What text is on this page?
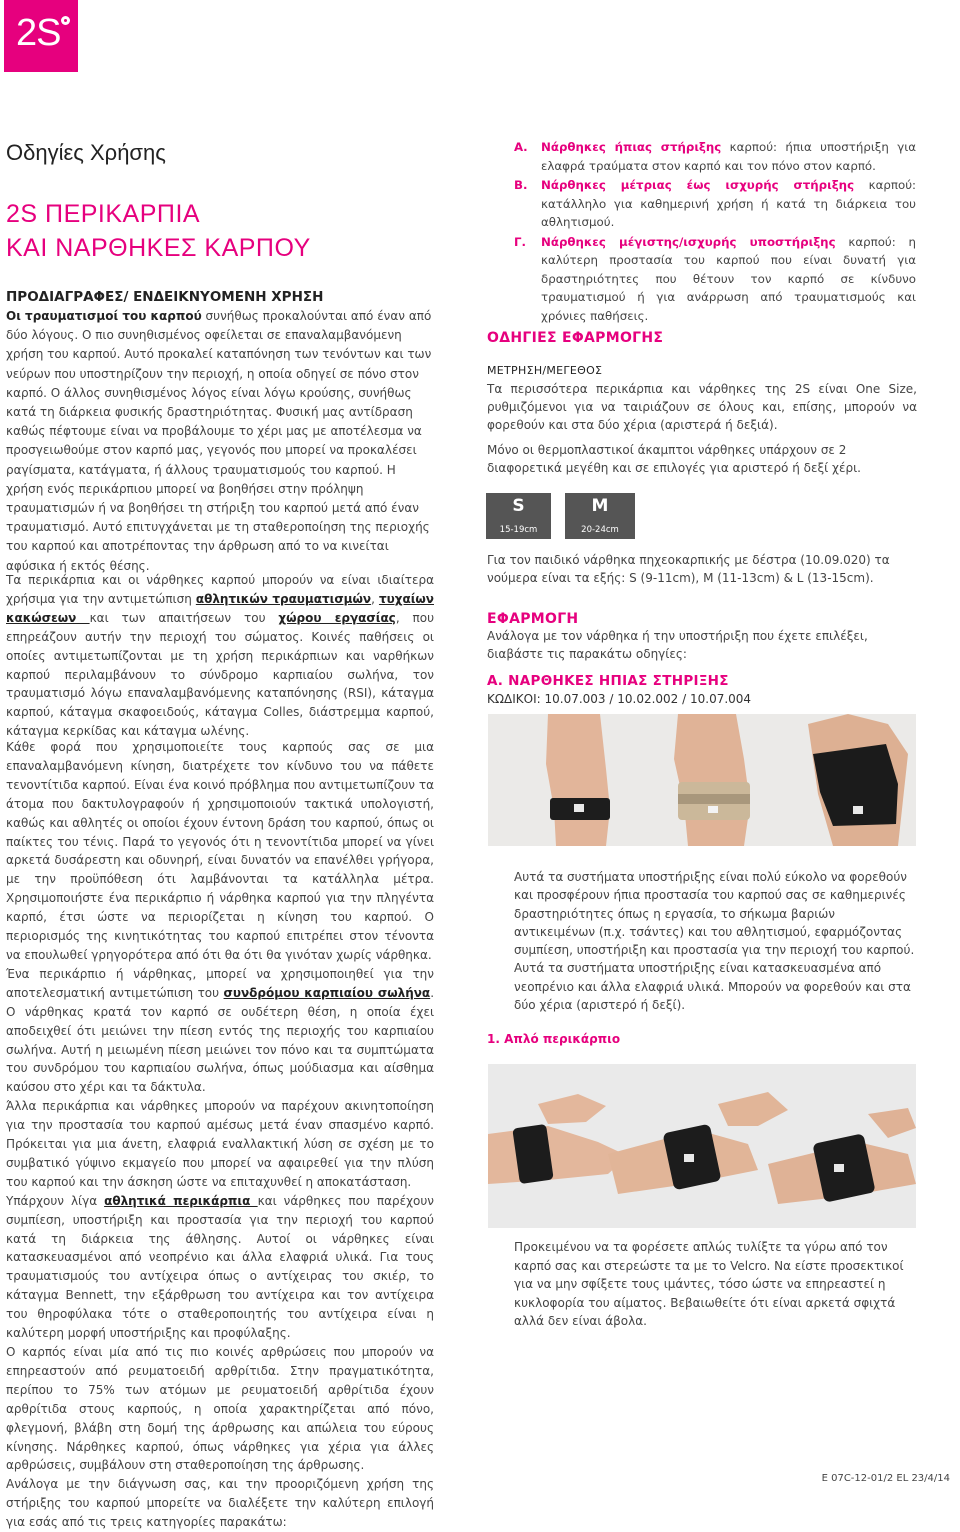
2S
Οδηγίες Χρήσης
2S ΠΕΡΙΚΑΡΠΙΑ
ΚΑΙ ΝΑΡΘΗΚΕΣ ΚΑΡΠΟΥ
ΠΡΟΔΙΑΓΡΑΦΕΣ/ ΕΝΔΕΙΚΝΥΟΜΕΝΗ ΧΡΗΣΗ

Οι τραυματισμοί του καρπού συνήθως προκαλούνται από έναν από δύο λόγους. Ο πιο συνηθισμένος οφείλεται σε επαναλαμβανόμενη χρήση του καρπού. Αυτό προκαλεί καταπόνηση των τενόντων και των νεύρων που υποστηρίζουν την περιοχή, η οποία οδηγεί σε πόνο στον καρπό. Ο άλλος συνηθισμένος λόγος είναι λόγω κρούσης, συνήθως κατά τη διάρκεια φυσικής δραστηριότητας. Φυσική μας αντίδραση καθώς πέφτουμε είναι να προβάλουμε το χέρι μας με αποτέλεσμα να προσγειωθούμε στον καρπό μας, γεγονός που μπορεί να προκαλέσει ραγίσματα, κατάγματα, ή άλλους τραυματισμούς του καρπού. Η χρήση ενός περικάρπιου μπορεί να βοηθήσει στην πρόληψη τραυματισμών ή να βοηθήσει τη στήριξη του καρπού μετά από έναν τραυματισμό. Αυτό επιτυγχάνεται με τη σταθεροποίηση της περιοχής του καρπού και αποτρέποντας την άρθρωση από το να κινείται αφύσικα ή εκτός θέσης.

Τα περικάρπια και οι νάρθηκες καρπού μπορούν να είναι ιδιαίτερα χρήσιμα για την αντιμετώπιση αθλητικών τραυματισμών, τυχαίων κακώσεων και των απαιτήσεων του χώρου εργασίας, που επηρεάζουν αυτήν την περιοχή του σώματος. Κοινές παθήσεις οι οποίες αντιμετωπίζονται με τη χρήση περικάρπιων και ναρθήκων καρπού περιλαμβάνουν το σύνδρομο καρπιαίου σωλήνα, τον τραυματισμό λόγω επαναλαμβανόμενης καταπόνησης (RSI), κάταγμα καρπού, κάταγμα σκαφοειδούς, κάταγμα Colles, διάστρεμμα καρπού, κάταγμα κερκίδας και κάταγμα ωλένης.

Κάθε φορά που χρησιμοποιείτε τους καρπούς σας σε μια επαναλαμβανόμενη κίνηση, διατρέχετε τον κίνδυνο του να πάθετε τενοντίτιδα καρπού. Είναι ένα κοινό πρόβλημα που αντιμετωπίζουν τα άτομα που δακτυλογραφούν ή χρησιμοποιούν τακτικά υπολογιστή, καθώς και αθλητές οι οποίοι έχουν έντονη δράση του καρπού, όπως οι παίκτες του τένις. Παρά το γεγονός ότι η τενοντίτιδα μπορεί να γίνει αρκετά δυσάρεστη και οδυνηρή, είναι δυνατόν να επανέλθει γρήγορα, με την προϋπόθεση ότι λαμβάνονται τα κατάλληλα μέτρα. Χρησιμοποιήστε ένα περικάρπιο ή νάρθηκα καρπού για την πληγέντα καρπό, έτσι ώστε να περιορίζεται η κίνηση του καρπού. Ο περιορισμός της κινητικότητας του καρπού επιτρέπει στον τένοντα να επουλωθεί γρηγορότερα από ότι θα ότι θα γινόταν χωρίς νάρθηκα.

Ένα περικάρπιο ή νάρθηκας, μπορεί να χρησιμοποιηθεί για την αποτελεσματική αντιμετώπιση του συνδρόμου καρπιαίου σωλήνα. Ο νάρθηκας κρατά τον καρπό σε ουδέτερη θέση, η οποία έχει αποδειχθεί ότι μειώνει την πίεση εντός της περιοχής του καρπιαίου σωλήνα. Αυτή η μειωμένη πίεση μειώνει τον πόνο και τα συμπτώματα του συνδρόμου του καρπιαίου σωλήνα, όπως μούδιασμα και αίσθημα καύσου στο χέρι και τα δάκτυλα.

Άλλα περικάρπια και νάρθηκες μπορούν να παρέχουν ακινητοποίηση για την προστασία του καρπού αμέσως μετά έναν σπασμένο καρπό. Πρόκειται για μια άνετη, ελαφριά εναλλακτική λύση σε σχέση με το συμβατικό γύψινο εκμαγείο που μπορεί να αφαιρεθεί για την πλύση του καρπού και την άσκηση ώστε να επιταχυνθεί η αποκατάσταση.

Υπάρχουν λίγα αθλητικά περικάρπια και νάρθηκες που παρέχουν συμπίεση, υποστήριξη και προστασία για την περιοχή του καρπού κατά τη διάρκεια της άθλησης. Αυτοί οι νάρθηκες είναι κατασκευασμένοι από νεοπρένιο και άλλα ελαφριά υλικά. Για τους τραυματισμούς του αντίχειρα όπως ο αντίχειρας του σκιέρ, το κάταγμα Bennett, την εξάρθρωση του αντίχειρα και τον αντίχειρα του θηροφύλακα τότε ο σταθεροποιητής του αντίχειρα είναι η καλύτερη μορφή υποστήριξης και προφύλαξης.

Ο καρπός είναι μία από τις πιο κοινές αρθρώσεις που μπορούν να επηρεαστούν από ρευματοειδή αρθρίτιδα. Στην πραγματικότητα, περίπου το 75% των ατόμων με ρευματοειδή αρθρίτιδα έχουν αρθρίτιδα στους καρπούς, η οποία χαρακτηρίζεται από πόνο, φλεγμονή, βλάβη στη δομή της άρθρωσης και απώλεια του εύρους κίνησης. Νάρθηκες καρπού, όπως νάρθηκες για χέρια για άλλες αρθρώσεις, συμβάλουν στη σταθεροποίηση της άρθρωσης.

Ανάλογα με την διάγνωση σας, και την προοριζόμενη χρήση της στήριξης του καρπού μπορείτε να διαλέξετε την καλύτερη επιλογή για εσάς από τις τρεις κατηγορίες παρακάτω:

Α. Νάρθηκες ήπιας στήριξης καρπού: ήπια υποστήριξη για ελαφρά τραύματα στον καρπό και τον πόνο στον καρπό.
Β. Νάρθηκες μέτριας έως ισχυρής στήριξης καρπού: κατάλληλο για καθημερινή χρήση ή κατά τη διάρκεια του αθλητισμού.
Γ. Νάρθηκες μέγιστης/ισχυρής υποστήριξης καρπού: η καλύτερη προστασία του καρπού που είναι δυνατή για δραστηριότητες που θέτουν τον καρπό σε κίνδυνο τραυματισμού ή για ανάρρωση από τραυματισμούς και χρόνιες παθήσεις.
ΟΔΗΓΙΕΣ ΕΦΑΡΜΟΓΗΣ
ΜΕΤΡΗΣΗ/ΜΕΓΕΘΟΣ
Τα περισσότερα περικάρπια και νάρθηκες της 2S είναι One Size, ρυθμιζόμενοι για να ταιριάζουν σε όλους και, επίσης, μπορούν να φορεθούν και στα δύο χέρια (αριστερά ή δεξιά).
Μόνο οι θερμοπλαστικοί άκαμπτοι νάρθηκες υπάρχουν σε 2 διαφορετικά μεγέθη και σε επιλογές για αριστερό ή δεξί χέρι.
S
15-19cm
M
20-24cm
Για τον παιδικό νάρθηκα πηχεοκαρπικής με δέστρα (10.09.020) τα νούμερα είναι τα εξής: S (9-11cm), M (11-13cm) & L (13-15cm).
ΕΦΑΡΜΟΓΗ
Ανάλογα με τον νάρθηκα ή την υποστήριξη που έχετε επιλέξει, διαβάστε τις παρακάτω οδηγίες:
Α. ΝΑΡΘΗΚΕΣ ΗΠΙΑΣ ΣΤΗΡΙΞΗΣ
ΚΩΔΙΚΟΙ: 10.07.003 / 10.02.002 / 10.07.004
Αυτά τα συστήματα υποστήριξης είναι πολύ εύκολο να φορεθούν και προσφέρουν ήπια προστασία του καρπού σας σε καθημερινές δραστηριότητες όπως η εργασία, το σήκωμα βαριών αντικειμένων (π.χ. τσάντες) και του αθλητισμού, εφαρμόζοντας συμπίεση, υποστήριξη και προστασία για την περιοχή του καρπού. Αυτά τα συστήματα υποστήριξης είναι κατασκευασμένα από νεοπρένιο και άλλα ελαφριά υλικά. Μπορούν να φορεθούν και στα δύο χέρια (αριστερό ή δεξί).
1. Απλό περικάρπιο
Προκειμένου να τα φορέσετε απλώς τυλίξτε τα γύρω από τον καρπό σας και στερεώστε τα με το Velcro. Να είστε προσεκτικοί για να μην σφίξετε τους ιμάντες, τόσο ώστε να επηρεαστεί η κυκλοφορία του αίματος. Βεβαιωθείτε ότι είναι αρκετά σφιχτά αλλά δεν είναι άβολα.
E 07C-12-01/2 EL 23/4/14
